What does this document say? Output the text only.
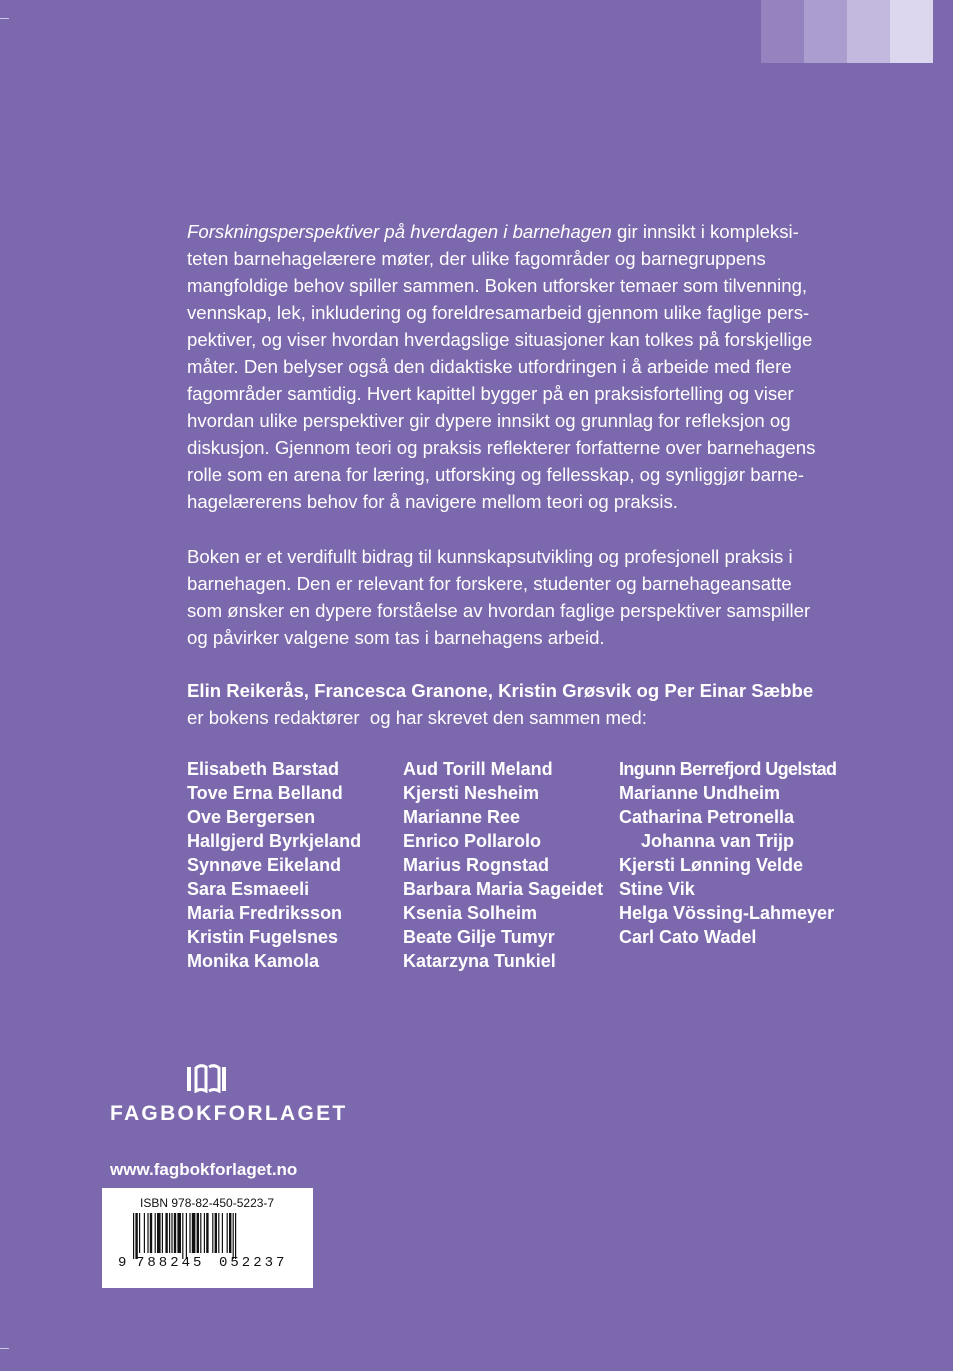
Forskningsperspektiver på hverdagen i barnehagen gir innsikt i kompleksi-
teten barnehagelærere møter, der ulike fagområder og barnegruppens
mangfoldige behov spiller sammen. Boken utforsker temaer som tilvenning,
vennskap, lek, inkludering og foreldresamarbeid gjennom ulike faglige pers-
pektiver, og viser hvordan hverdagslige situasjoner kan tolkes på forskjellige
måter. Den belyser også den didaktiske utfordringen i å arbeide med flere
fagområder samtidig. Hvert kapittel bygger på en praksisfortelling og viser
hvordan ulike perspektiver gir dypere innsikt og grunnlag for refleksjon og
diskusjon. Gjennom teori og praksis reflekterer forfatterne over barnehagens
rolle som en arena for læring, utforsking og fellesskap, og synliggjør barne-
hagelærerens behov for å navigere mellom teori og praksis.

Boken er et verdifullt bidrag til kunnskapsutvikling og profesjonell praksis i
barnehagen. Den er relevant for forskere, studenter og barnehageansatte
som ønsker en dypere forståelse av hvordan faglige perspektiver samspiller
og påvirker valgene som tas i barnehagens arbeid.

Elin Reikerås, Francesca Granone, Kristin Grøsvik og Per Einar Sæbbe
er bokens redaktører  og har skrevet den sammen med:
Elisabeth Barstad
Tove Erna Belland
Ove Bergersen
Hallgjerd Byrkjeland
Synnøve Eikeland
Sara Esmaeeli
Maria Fredriksson
Kristin Fugelsnes
Monika Kamola
Aud Torill Meland
Kjersti Nesheim
Marianne Ree
Enrico Pollarolo
Marius Rognstad
Barbara Maria Sageidet
Ksenia Solheim
Beate Gilje Tumyr
Katarzyna Tunkiel
Ingunn Berrefjord Ugelstad
Marianne Undheim
Catharina Petronella
Johanna van Trijp
Kjersti Lønning Velde
Stine Vik
Helga Vössing-Lahmeyer
Carl Cato Wadel
FAGBOKFORLAGET
www.fagbokforlaget.no
ISBN 978-82-450-5223-7
9 788245 052237
